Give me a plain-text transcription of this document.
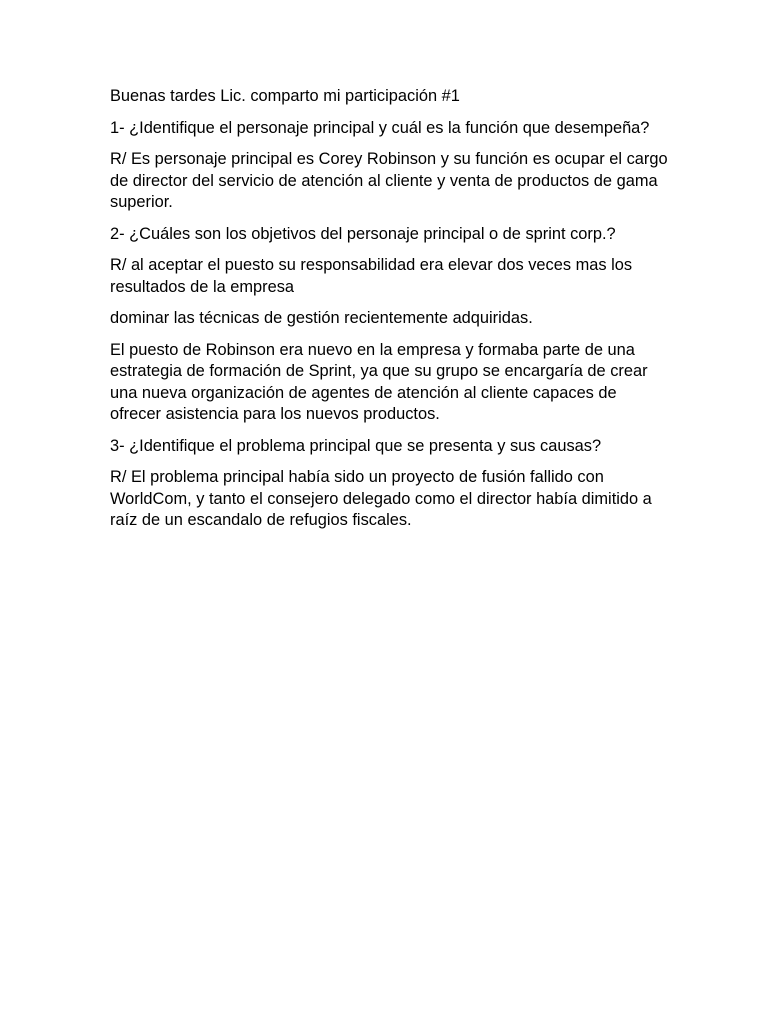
Buenas tardes Lic. comparto mi participación #1

1- ¿Identifique el personaje principal y cuál es la función que desempeña?

R/ Es personaje principal es Corey Robinson y su función es ocupar el cargo de director del servicio de atención al cliente y venta de productos de gama superior.

2- ¿Cuáles son los objetivos del personaje principal o de sprint corp.?

R/ al aceptar el puesto su responsabilidad era elevar dos veces mas los resultados de la empresa

dominar las técnicas de gestión recientemente adquiridas.

El puesto de Robinson era nuevo en la empresa y formaba parte de una estrategia de formación de Sprint, ya que su grupo se encargaría de crear una nueva organización de agentes de atención al cliente capaces de ofrecer asistencia para los nuevos productos.

3- ¿Identifique el problema principal que se presenta y sus causas?

R/ El problema principal había sido un proyecto de fusión fallido con WorldCom, y tanto el consejero delegado como el director había dimitido a raíz de un escandalo de refugios fiscales.
